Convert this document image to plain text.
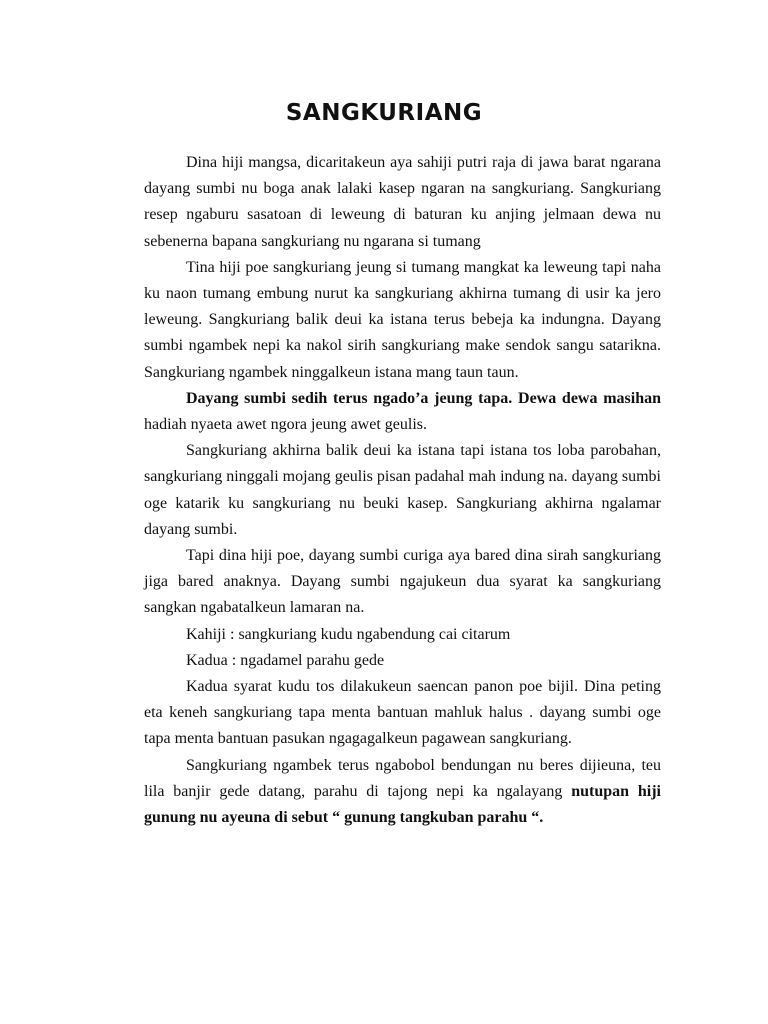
SANGKURIANG

Dina hiji mangsa, dicaritakeun aya sahiji putri raja di jawa barat ngarana dayang sumbi nu boga anak lalaki kasep ngaran na sangkuriang. Sangkuriang resep ngaburu sasatoan di leweung di baturan ku anjing jelmaan dewa nu sebenerna bapana sangkuriang nu ngarana si tumang

Tina hiji poe sangkuriang jeung si tumang mangkat ka leweung tapi naha ku naon tumang embung nurut ka sangkuriang akhirna tumang di usir ka jero leweung. Sangkuriang balik deui ka istana terus bebeja ka indungna. Dayang sumbi ngambek nepi ka nakol sirih sangkuriang make sendok sangu satarikna. Sangkuriang ngambek ninggalkeun istana mang taun taun.

Dayang sumbi sedih terus ngado’a jeung tapa. Dewa dewa masihan hadiah nyaeta awet ngora jeung awet geulis.

Sangkuriang akhirna balik deui ka istana tapi istana tos loba parobahan, sangkuriang ninggali mojang geulis pisan padahal mah indung na. dayang sumbi oge katarik ku sangkuriang nu beuki kasep. Sangkuriang akhirna ngalamar dayang sumbi.

Tapi dina hiji poe, dayang sumbi curiga aya bared dina sirah sangkuriang jiga bared anaknya. Dayang sumbi ngajukeun dua syarat ka sangkuriang sangkan ngabatalkeun lamaran na.

Kahiji : sangkuriang kudu ngabendung cai citarum

Kadua : ngadamel parahu gede

Kadua syarat kudu tos dilakukeun saencan panon poe bijil. Dina peting eta keneh sangkuriang tapa menta bantuan mahluk halus . dayang sumbi oge tapa menta bantuan pasukan ngagagalkeun pagawean sangkuriang.

Sangkuriang ngambek terus ngabobol bendungan nu beres dijieuna, teu lila banjir gede datang, parahu di tajong nepi ka ngalayang nutupan hiji gunung nu ayeuna di sebut “ gunung tangkuban parahu “.
